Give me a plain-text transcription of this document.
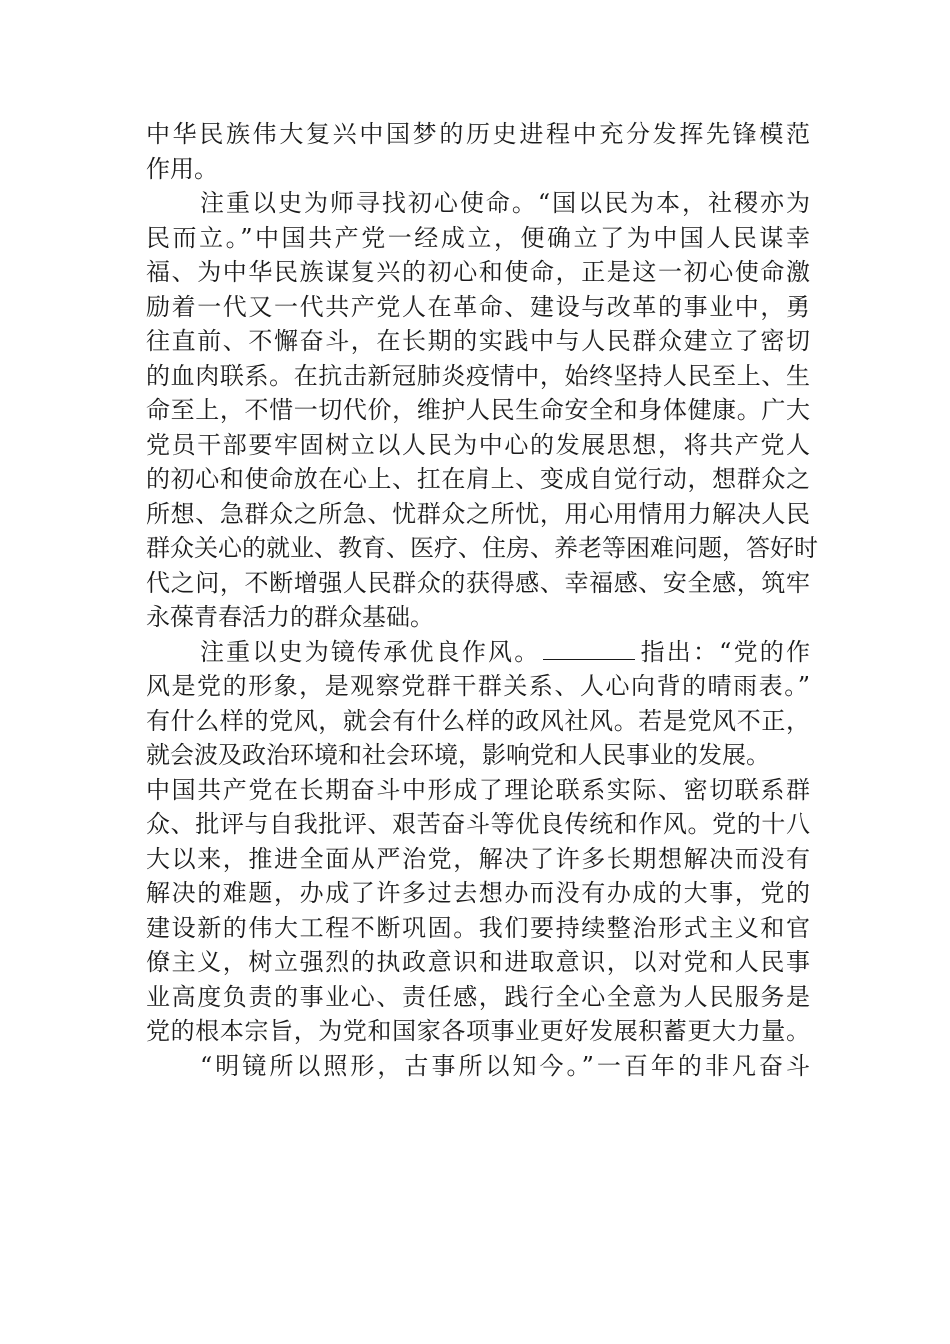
中华民族伟大复兴中国梦的历史进程中充分发挥先锋模范
作用。
注重以史为师寻找初心使命。“国以民为本，社稷亦为
民而立。”中国共产党一经成立，便确立了为中国人民谋幸
福、为中华民族谋复兴的初心和使命，正是这一初心使命激
励着一代又一代共产党人在革命、建设与改革的事业中，勇
往直前、不懈奋斗，在长期的实践中与人民群众建立了密切
的血肉联系。在抗击新冠肺炎疫情中，始终坚持人民至上、生
命至上，不惜一切代价，维护人民生命安全和身体健康。广大
党员干部要牢固树立以人民为中心的发展思想，将共产党人
的初心和使命放在心上、扛在肩上、变成自觉行动，想群众之
所想、急群众之所急、忧群众之所忧，用心用情用力解决人民
群众关心的就业、教育、医疗、住房、养老等困难问题，答好时
代之问，不断增强人民群众的获得感、幸福感、安全感，筑牢
永葆青春活力的群众基础。
注重以史为镜传承优良作风。	指出：“党的作
风是党的形象，是观察党群干群关系、人心向背的晴雨表。”
有什么样的党风，就会有什么样的政风社风。若是党风不正，
就会波及政治环境和社会环境，影响党和人民事业的发展。
中国共产党在长期奋斗中形成了理论联系实际、密切联系群
众、批评与自我批评、艰苦奋斗等优良传统和作风。党的十八
大以来，推进全面从严治党，解决了许多长期想解决而没有
解决的难题，办成了许多过去想办而没有办成的大事，党的
建设新的伟大工程不断巩固。我们要持续整治形式主义和官
僚主义，树立强烈的执政意识和进取意识，以对党和人民事
业高度负责的事业心、责任感，践行全心全意为人民服务是
党的根本宗旨，为党和国家各项事业更好发展积蓄更大力量。
“明镜所以照形，古事所以知今。”一百年的非凡奋斗
